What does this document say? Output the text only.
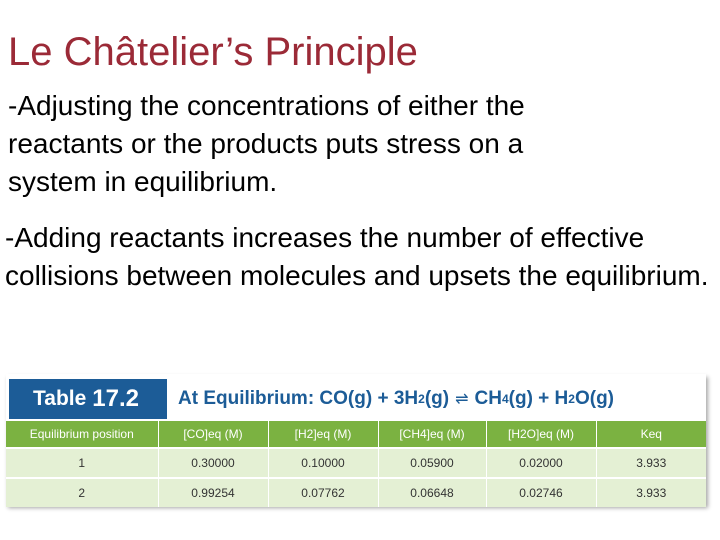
Le Châtelier’s Principle

-Adjusting the concentrations of either the reactants or the products puts stress on a system in equilibrium.

-Adding reactants increases the number of effective collisions between molecules and upsets the equilibrium.

Table 17.2 At Equilibrium: CO(g) + 3H 2 (g) ⇌ CH 4 (g) + H 2 O(g)
Equilibrium position	[CO]eq (M)	[H2]eq (M)	[CH4]eq (M)	[H2O]eq (M)	Keq
1	0.30000	0.10000	0.05900	0.02000	3.933
2	0.99254	0.07762	0.06648	0.02746	3.933
